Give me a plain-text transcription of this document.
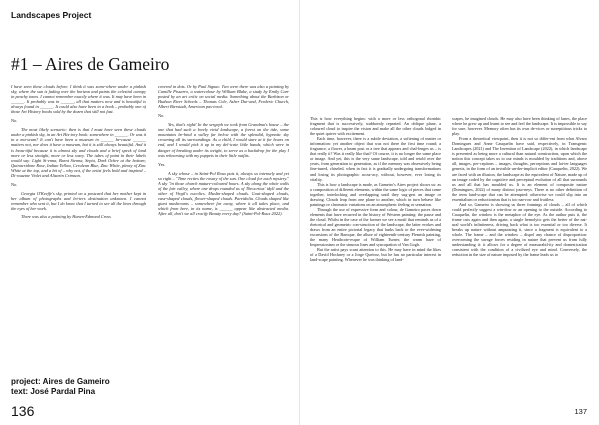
Landscapes Project
#1 – Aires de Gameiro

I have seen these clouds before. I think it was some-where under a pinkish sky, where the sun is fading over the horizon and paints the celestial canopy in peachy tones. I cannot remember exactly where it was. It may have been in ______. It probably was in ______, all that matters now and is beautiful is always found in ______. It could also have been in a book – probably one of those Art History books sold by the dozen that still not fast.

No.

The most likely scenario: then is that I must have seen these clouds under a pinkish sky, in an Art His-tory book: somewhere in ______. Or was it in a mu-seum? It can't have been a museum in ______ be-cause ______ matters not, nor does it have a museum, but it is still always beautiful. And it is beau-tiful because it is almost sky and clouds and a brief speck of land more or less straight, more or less wavy. The tubes of paint in their labels would say: Light Si-enna, Burnt Sienna, Sepia, Dark Ochre at the bottom; Quinacridone Rose, Indian Yellow, Cerulean Blue, Zinc White, plenty of Zinc White at the top, and a bit of – why not, if the artist feels bold and inspired – Di-oxazine Violet and Alizarin Crimson.

No.

Georgia O'Keeffe's sky, printed on a postcard that her mother kept in her album of photographs and let-ters destination unknown. I cannot remember who sent it, but I do know that I turned to see all the lines through the eyes of her work.

There was also a painting by Hanen-Edmond Cross

covered in dots. Or by Paul Signac. Two were there was also a painting by Camille Pissarro, a watercolour by William Blake, a study by Emily Carr posted by an art critic on social media. Something about the Barbizon or Hudson River Schools – Thomas Cole, Asher Dur-and, Frederic Church, Albert Bierstadt, American pas-toral.

No.

Yes, that's right! In the sergeph we took from Grandma's house – the one that had such a lovely vivid landscape, a forest on the tide, some mountains be-hind a valley far below with the splendid, hypnotic sky crowning all its surroundings. As a child, I would stare at it for hours on end, and I would pick it up in my del-icate little hands, which were in danger of breaking under its weight, to serve as a backdrop for the play I was rehearsing with my puppets in their little outfits.

Yes.

A sky whose – in Saint-Pol Roux puts it, always so intensely and yet so right – "Time recites the rosary of the sun. One cloud for each mystery." A sky "in those church mature-coloured hours. A sky along the white walls of the fair valley, where one drops rounded us of Theocritus' idyll and the other of Virgil's eucolics. Muslin-shaped clouds. Goat-shaped clouds, vase-shaped clouds, flower-shaped clouds. Pareidolia. Clouds shaped like giant mushrooms – somewhere far away, where it all takes place, and which from here, in its name, is ______ appear like abstracted media. After all, don't we all crucify Beauty every day? (Saint-Pol-Roux 2022).

project: Aires de Gameiro
text: José Pardal Pina
136	137

This is how everything begins: with a more or less orthogonal rhombic fragment that is successively, stubbornly repeated. An oblique plane, a coloured cloud to inspire the vision and make all the other clouds lodged in the quiet quiver with excitement.

Each time, however, there is a subtle deviation, a softening of matter or information: yet another object that was not there the first time round; a fragrance, a flower, a beam post or a tree that appears and chal-lenges us – is that really it? Was it really like that? Of course, it is no longer the same place or image. And yet, this is the very same landscape, told and retold over the years, from generation to generation, as if the memory was obsessively being fine-tuned, chiseled, when in fact it is gradually undergoing transformations and losing its photographic accur-acy, without, however, ever losing its vitality.

This is how a landscape is made, as Gameiro's Aires project shows us: as a composition of different elements, within the same logic of pieces that come together, interlocking and overlapping until they sug-gest an image or drawing. Clouds leap from one plane to another, which in turn behave like paintings or chromatic variations on an atmospheric feeling or sensation.

Through the use of expressive form and colour, de Gameiro paces down elements that have recurred in the history of Western painting: the pause and the cloud. Whilst in the case of the former we see a motif that reminds us of a rhetorical and geometric con-struction of the landscape, the latter evokes and draws from an entire pictorial legacy that harks back to the ever-widening excursions of the Baroque, the allure of eighteenth-century Flemish painting, the many Heathcote-esque of William Turner, the warm haze of Impressionism or the sinuous lines and syncopation of Van Gogh.

But the artist pays scant attention to this. He may have in mind the likes of a David Hockney or a Jorge Queiroz, but he has no particular interest in land-scape painting. Whenever he was thinking of land-

scapes, he imagined clouds. He may also have been thinking of lanes, the place where he grew up and learnt to see and feel the landscape. It is impossible to say for sure, however. Memory often has its own de-vices or surreptitious tricks to play.

From a theoretical viewpoint, then it is not so differ-ent from what Alvaro Domingues and Anne Cauquelin have said, respectively, in Transgenic Landscapes (2021) and The Invention of Landscape (2022), in which landscape is presented as being more a cultural than natural construction, upon which the notion this concept takes us to our minds is moulded by traditions and, above all, images, per-ceptions – images, thoughts, perceptions and lat-ter languages genesis, in the form of an invisible un-der-implicit editor (Cauquelin, 2022). We are faced with an illusion, the landscape as the equivalent of Nature, made up of an image coded by the cognitive and perceptual evolution of all that surrounds us and all that has moulded us. It is an element of composite nature (Domingues, 2022) of many distinct jour-neys. There is no other definition of the term land-scape that can be attempted: otherwise we could slip into an essentialism or reductionism that is too nar-row and fruitless.

And so, Gameiro is showing us three framings of clouds – all of which could perfectly suggest a win-dow or an opening to the outside. According to Cauquelin, the window is the metaphor of the eye. As the author puts it, the frame cuts again and then again; a single hemolytic gets the better of the nat-ural world's infiniteness, driving back what is too essential or too diverse. It breaks up nature without amputating it, since a fragment is equivalent to a whole. The frame – and the window – dispel any chance of disproportion: overcoming the savage forces residing in nature that prevent us from fully understanding it: it allows for a degree of measurabil-ity and domestication consistent with the condition of a civilized eye and mind. Conversely, the reduction in the size of nature imposed by the frame leads us to
